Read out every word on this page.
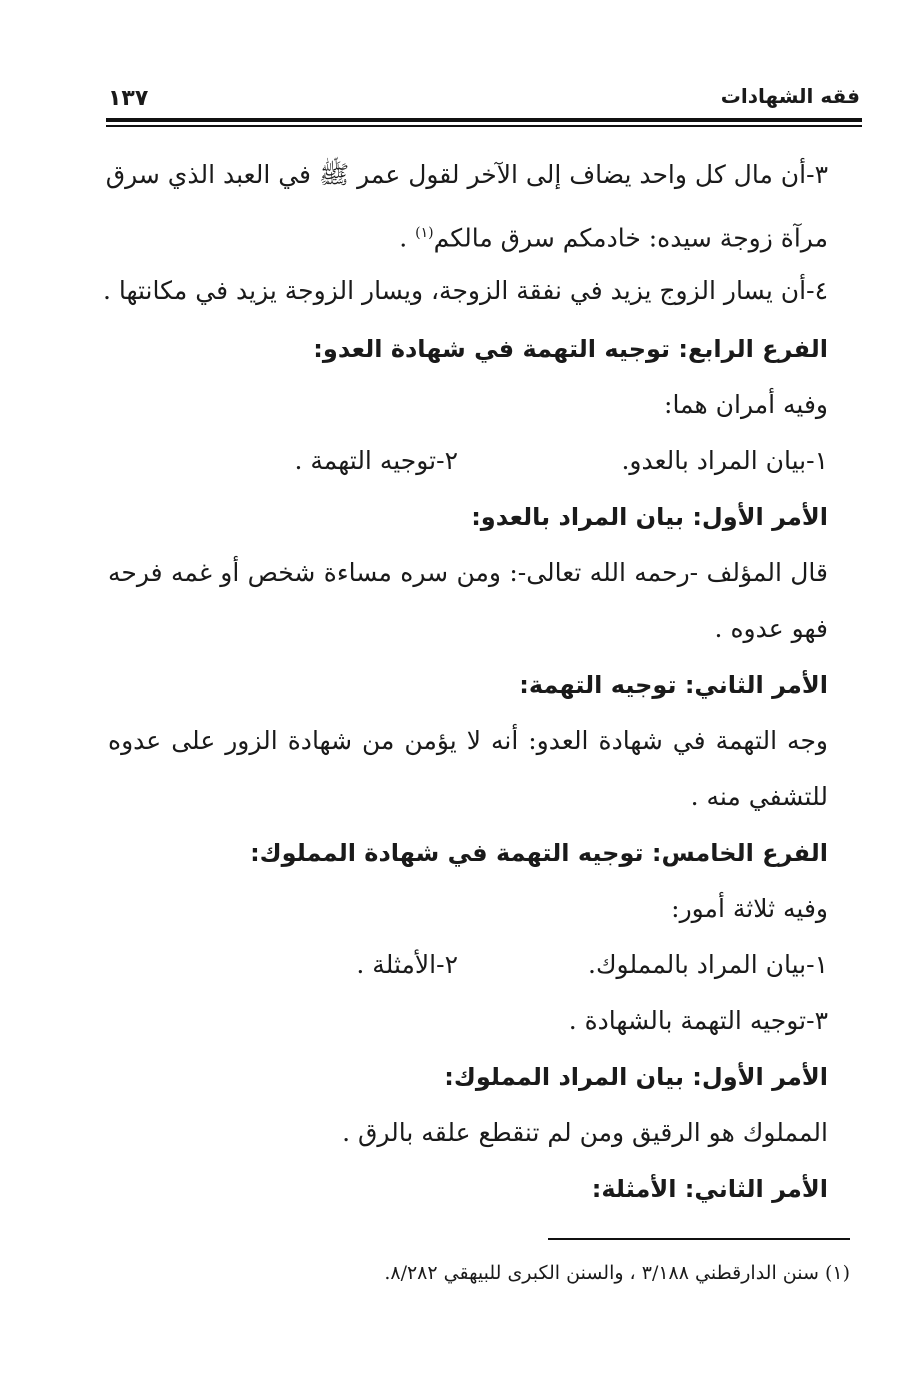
فقه الشهادات
١٣٧
٣-أن مال كل واحد يضاف إلى الآخر لقول عمر ﷺ في العبد الذي سرق
مرآة زوجة سيده: خادمكم سرق مالكم$^{(١)}$ .
٤-أن يسار الزوج يزيد في نفقة الزوجة، ويسار الزوجة يزيد في مكانتها .
الفرع الرابع: توجيه التهمة في شهادة العدو:
وفيه أمران هما:
١-بيان المراد بالعدو.
٢-توجيه التهمة .
الأمر الأول: بيان المراد بالعدو:
قال المؤلف -رحمه الله تعالى-: ومن سره مساءة شخص أو غمه فرحه
فهو عدوه .
الأمر الثاني: توجيه التهمة:
وجه التهمة في شهادة العدو: أنه لا يؤمن من شهادة الزور على عدوه
للتشفي منه .
الفرع الخامس: توجيه التهمة في شهادة المملوك:
وفيه ثلاثة أمور:
١-بيان المراد بالمملوك.
٢-الأمثلة .
٣-توجيه التهمة بالشهادة .
الأمر الأول: بيان المراد المملوك:
المملوك هو الرقيق ومن لم تنقطع علقه بالرق .
الأمر الثاني: الأمثلة:
(١) سنن الدارقطني ٣/١٨٨ ، والسنن الكبرى للبيهقي ٨/٢٨٢.
